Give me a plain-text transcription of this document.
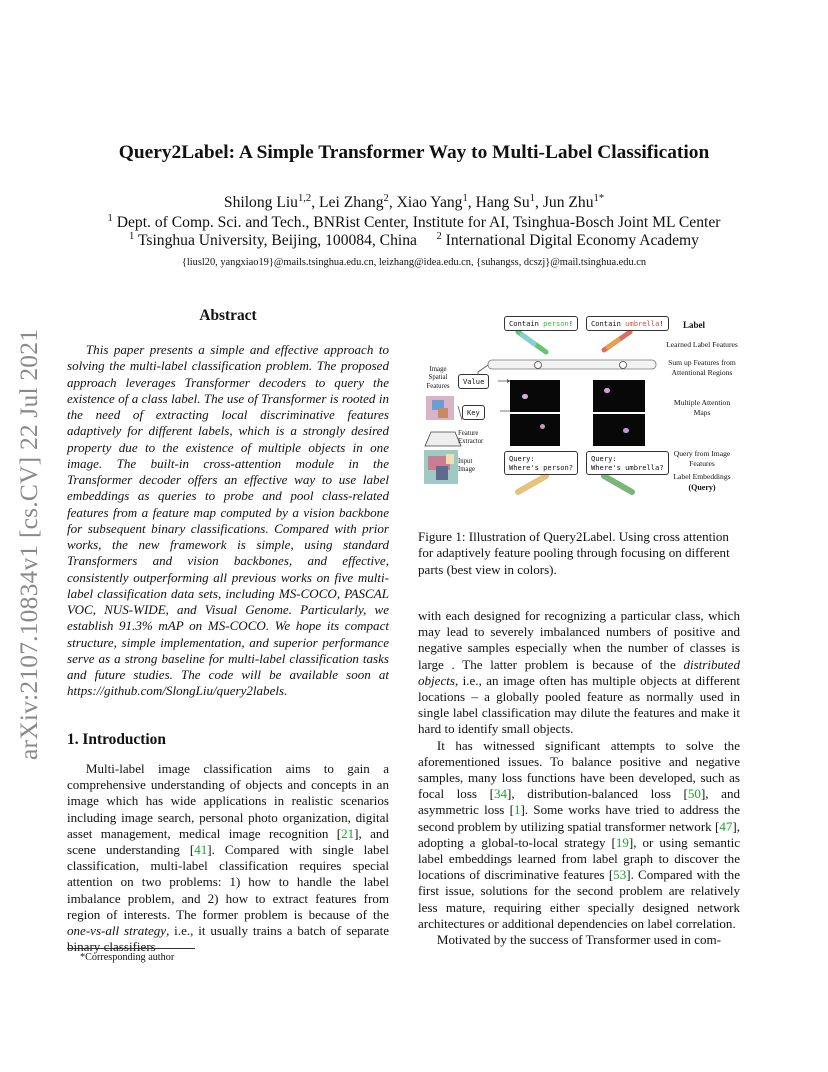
arXiv:2107.10834v1 [cs.CV] 22 Jul 2021
Query2Label: A Simple Transformer Way to Multi-Label Classification
Shilong Liu$^{1,2}$, Lei Zhang$^2$, Xiao Yang$^1$, Hang Su$^1$, Jun Zhu$^{1*}$
$^1$ Dept. of Comp. Sci. and Tech., BNRist Center, Institute for AI, Tsinghua-Bosch Joint ML Center
$^1$ Tsinghua University, Beijing, 100084, China $^2$ International Digital Economy Academy
{liusl20, yangxiao19}@mails.tsinghua.edu.cn, leizhang@idea.edu.cn, {suhangss, dcszj}@mail.tsinghua.edu.cn
Abstract
This paper presents a simple and effective approach to solving the multi-label classification problem. The proposed approach leverages Transformer decoders to query the existence of a class label. The use of Transformer is rooted in the need of extracting local discriminative features adaptively for different labels, which is a strongly desired property due to the existence of multiple objects in one image. The built-in cross-attention module in the Transformer decoder offers an effective way to use label embeddings as queries to probe and pool class-related features from a feature map computed by a vision backbone for subsequent binary classifications. Compared with prior works, the new framework is simple, using standard Transformers and vision backbones, and effective, consistently outperforming all previous works on five multi-label classification data sets, including MS-COCO, PASCAL VOC, NUS-WIDE, and Visual Genome. Particularly, we establish 91.3% mAP on MS-COCO. We hope its compact structure, simple implementation, and superior performance serve as a strong baseline for multi-label classification tasks and future studies. The code will be available soon at https://github.com/SlongLiu/query2labels.
1. Introduction
Multi-label image classification aims to gain a comprehensive understanding of objects and concepts in an image which has wide applications in realistic scenarios including image search, personal photo organization, digital asset management, medical image recognition [21], and scene understanding [41]. Compared with single label classification, multi-label classification requires special attention on two problems: 1) how to handle the label imbalance problem, and 2) how to extract features from region of interests. The former problem is because of the one-vs-all strategy, i.e., it usually trains a batch of separate binary classifiers
*Corresponding author
Contain person!	Contain umbrella!
Value
Key
Query:
Where's person?
Query:
Where's umbrella?
Label
Learned Label Features
Sum up Features from Attentional Regions
Multiple Attention Maps
Query from Image Features
Label Embeddings
(Query)
Image Spatial Features
Feature Extractor
Input Image
Figure 1: Illustration of Query2Label. Using cross attention for adaptively feature pooling through focusing on different parts (best view in colors).

with each designed for recognizing a particular class, which may lead to severely imbalanced numbers of positive and negative samples especially when the number of classes is large . The latter problem is because of the distributed objects, i.e., an image often has multiple objects at different locations – a globally pooled feature as normally used in single label classification may dilute the features and make it hard to identify small objects.

It has witnessed significant attempts to solve the aforementioned issues. To balance positive and negative samples, many loss functions have been developed, such as focal loss [34], distribution-balanced loss [50], and asymmetric loss [1]. Some works have tried to address the second problem by utilizing spatial transformer network [47], adopting a global-to-local strategy [19], or using semantic label embeddings learned from label graph to discover the locations of discriminative features [53]. Compared with the first issue, solutions for the second problem are relatively less mature, requiring either specially designed network architectures or additional dependencies on label correlation.

Motivated by the success of Transformer used in com-
